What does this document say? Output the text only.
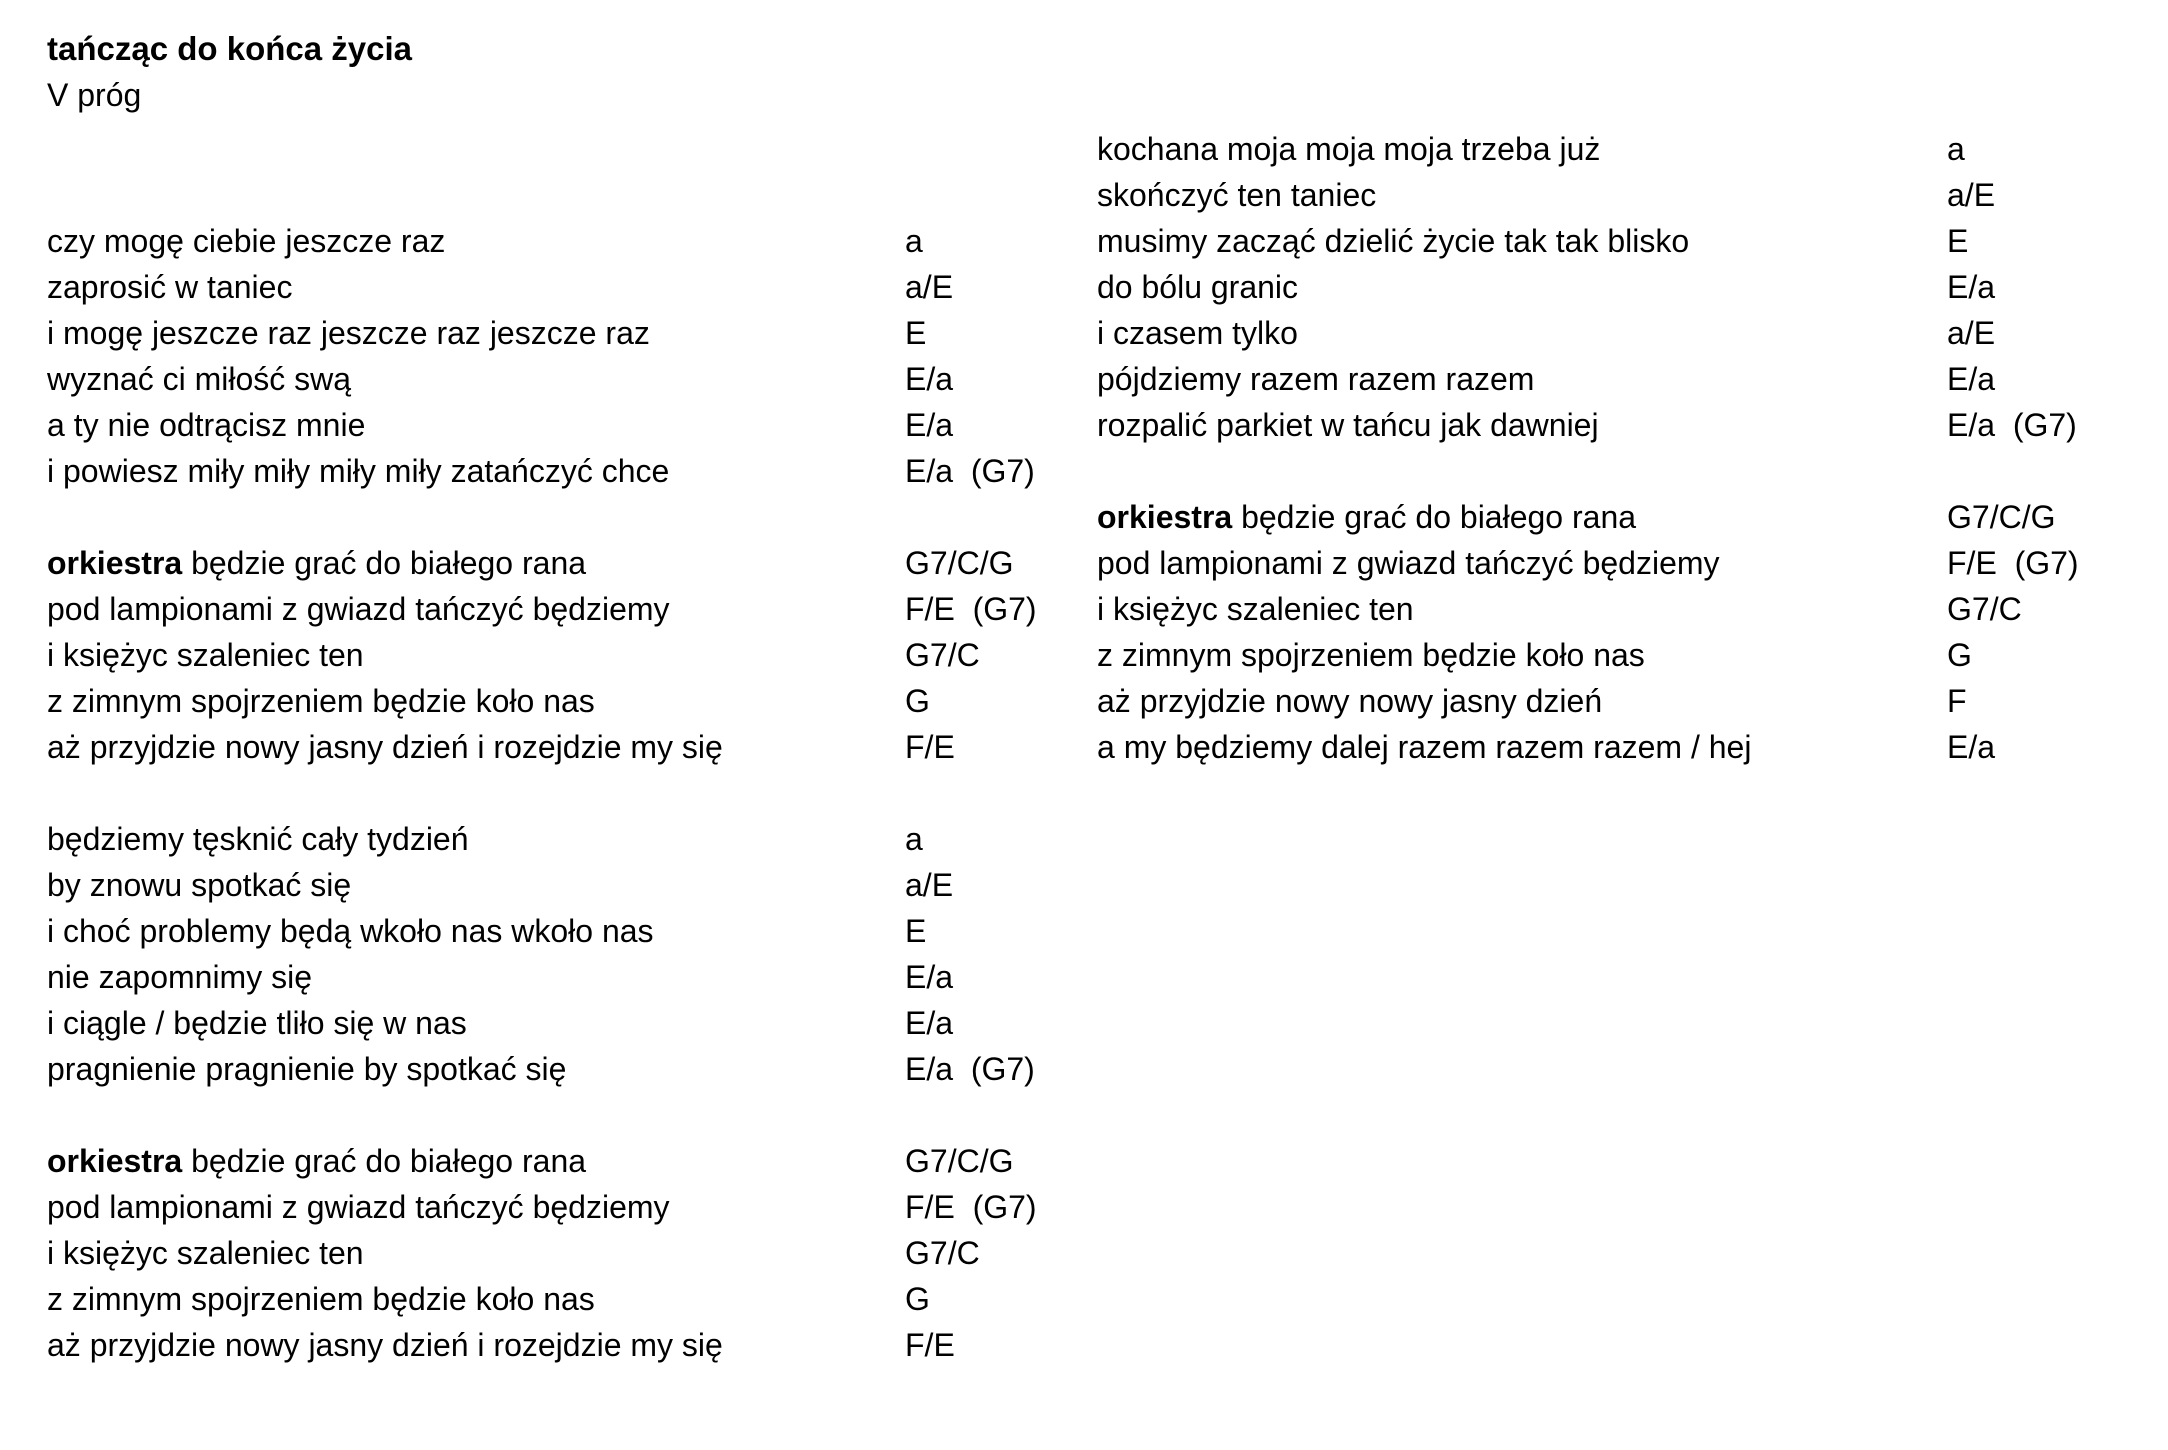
tańcząc do końca życia
V próg
czy mogę ciebie jeszcze raz	a
zaprosić w taniec	a/E
i mogę jeszcze raz jeszcze raz jeszcze raz	E
wyznać ci miłość swą	E/a
a ty nie odtrącisz mnie	E/a
i powiesz miły miły miły miły zatańczyć chce	E/a  (G7)
orkiestra będzie grać do białego rana	G7/C/G
pod lampionami z gwiazd tańczyć będziemy	F/E  (G7)
i księżyc szaleniec ten	G7/C
z zimnym spojrzeniem będzie koło nas	G
aż przyjdzie nowy jasny dzień i rozejdzie my się	F/E
będziemy tęsknić cały tydzień	a
by znowu spotkać się	a/E
i choć problemy będą wkoło nas wkoło nas	E
nie zapomnimy się	E/a
i ciągle / będzie tliło się w nas	E/a
pragnienie pragnienie by spotkać się	E/a  (G7)
orkiestra będzie grać do białego rana	G7/C/G
pod lampionami z gwiazd tańczyć będziemy	F/E  (G7)
i księżyc szaleniec ten	G7/C
z zimnym spojrzeniem będzie koło nas	G
aż przyjdzie nowy jasny dzień i rozejdzie my się	F/E
kochana moja moja moja trzeba już	a
skończyć ten taniec	a/E
musimy zacząć dzielić życie tak tak blisko	E
do bólu granic	E/a
i czasem tylko	a/E
pójdziemy razem razem razem	E/a
rozpalić parkiet w tańcu jak dawniej	E/a  (G7)
orkiestra będzie grać do białego rana	G7/C/G
pod lampionami z gwiazd tańczyć będziemy	F/E  (G7)
i księżyc szaleniec ten	G7/C
z zimnym spojrzeniem będzie koło nas	G
aż przyjdzie nowy nowy jasny dzień	F
a my będziemy dalej razem razem razem / hej	E/a
